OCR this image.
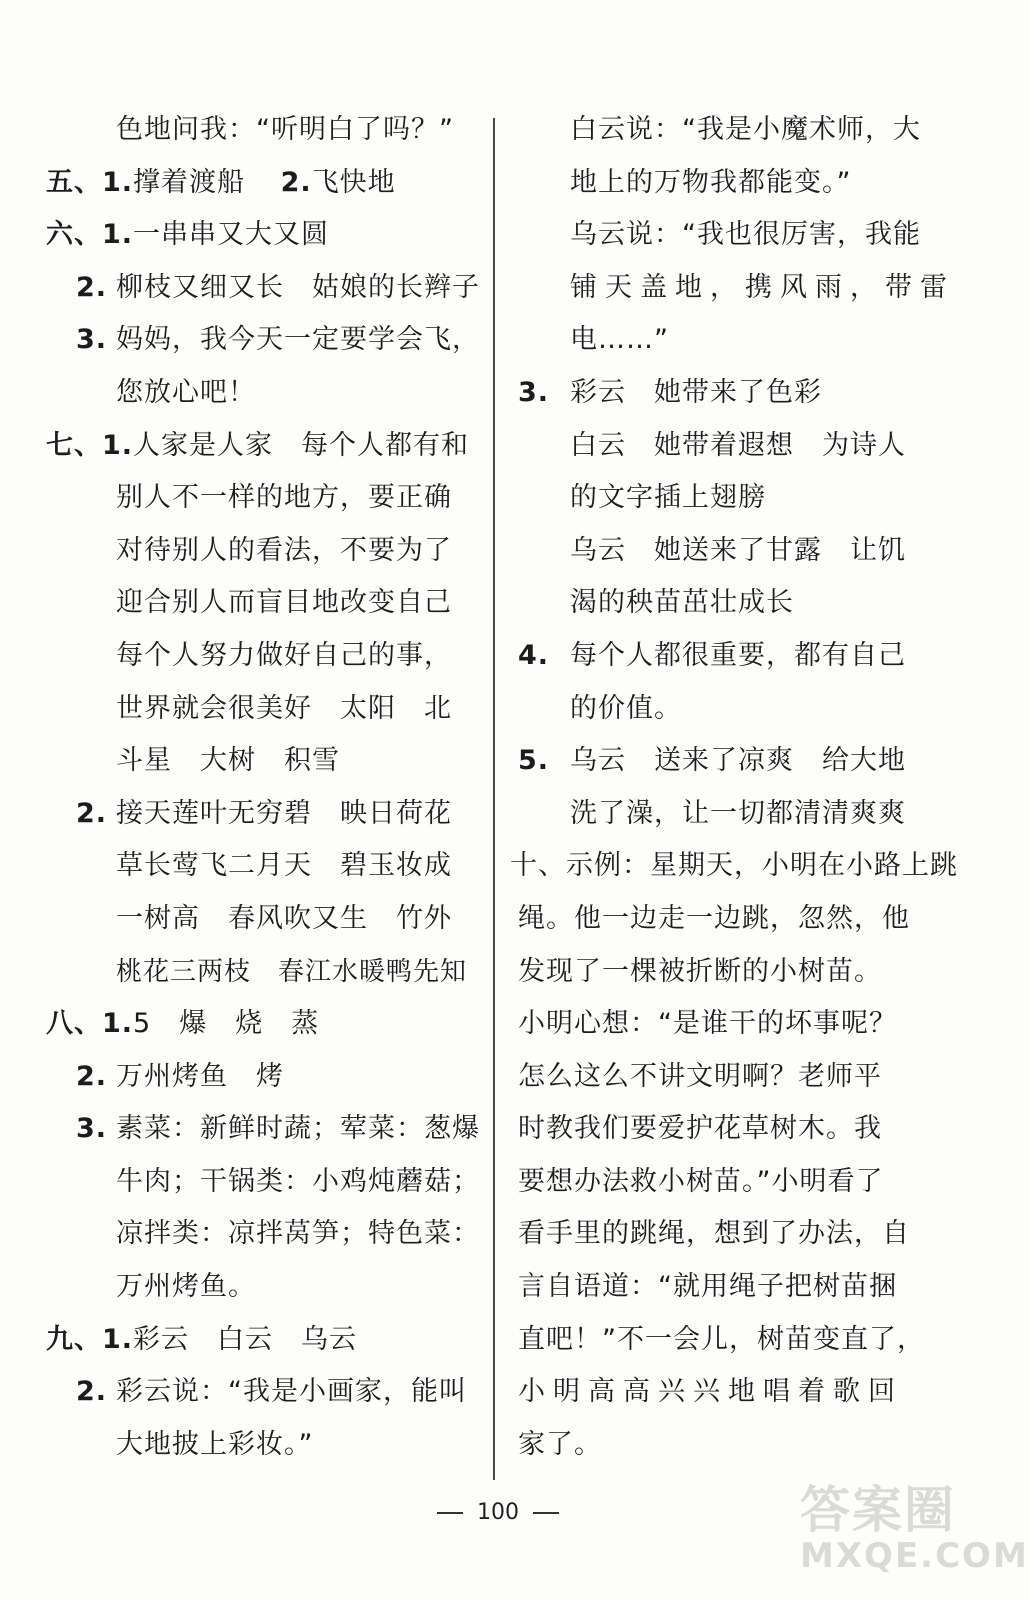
色地问我：“听明白了吗？”
五、1.撑着渡船 2.飞快地
六、1.一串串又大又圆
2. 柳枝又细又长　姑娘的长辫子
3. 妈妈，我今天一定要学会飞，
您放心吧！
七、1.人家是人家　每个人都有和
别人不一样的地方，要正确
对待别人的看法，不要为了
迎合别人而盲目地改变自己
每个人努力做好自己的事，
世界就会很美好　太阳　北
斗星　大树　积雪
2. 接天莲叶无穷碧　映日荷花
草长莺飞二月天　碧玉妆成
一树高　春风吹又生　竹外
桃花三两枝　春江水暖鸭先知
八、1.5　爆　烧　蒸
2. 万州烤鱼　烤
3. 素菜：新鲜时蔬；荤菜：葱爆
牛肉；干锅类：小鸡炖蘑菇；
凉拌类：凉拌莴笋；特色菜：
万州烤鱼。
九、1.彩云　白云　乌云
2. 彩云说：“我是小画家，能叫
大地披上彩妆。”
白云说：“我是小魔术师，大
地上的万物我都能变。”
乌云说：“我也很厉害，我能
铺天盖地，携风雨，带雷
电……”
3. 彩云　她带来了色彩
白云　她带着遐想　为诗人
的文字插上翅膀
乌云　她送来了甘露　让饥
渴的秧苗茁壮成长
4. 每个人都很重要，都有自己
的价值。
5. 乌云　送来了凉爽　给大地
洗了澡，让一切都清清爽爽
十、示例：星期天，小明在小路上跳
绳。他一边走一边跳，忽然，他
发现了一棵被折断的小树苗。
小明心想：“是谁干的坏事呢？
怎么这么不讲文明啊？老师平
时教我们要爱护花草树木。我
要想办法救小树苗。”小明看了
看手里的跳绳，想到了办法，自
言自语道：“就用绳子把树苗捆
直吧！”不一会儿，树苗变直了，
小明高高兴兴地唱着歌回
家了。
100	答案圈
MXQE.COM
